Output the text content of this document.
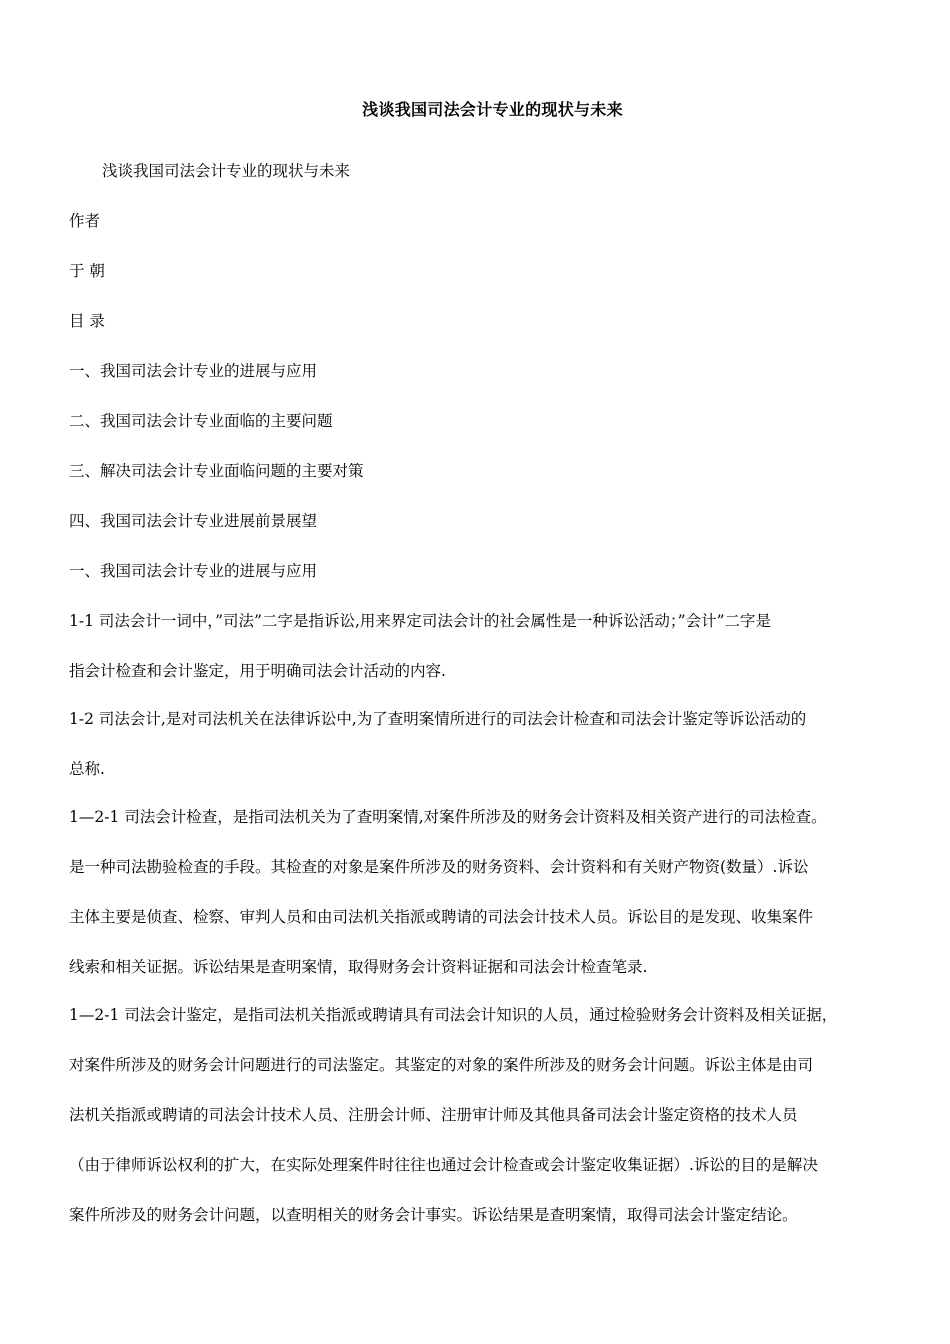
浅谈我国司法会计专业的现状与未来
浅谈我国司法会计专业的现状与未来
作者
于 朝
目 录
一、我国司法会计专业的进展与应用
二、我国司法会计专业面临的主要问题
三、解决司法会计专业面临问题的主要对策
四、我国司法会计专业进展前景展望
一、我国司法会计专业的进展与应用
1-1 司法会计一词中，”司法”二字是指诉讼,用来界定司法会计的社会属性是一种诉讼活动；”会计”二字是
指会计检查和会计鉴定，用于明确司法会计活动的内容.
1-2 司法会计,是对司法机关在法律诉讼中,为了查明案情所进行的司法会计检查和司法会计鉴定等诉讼活动的
总称.
1—2-1 司法会计检查，是指司法机关为了查明案情,对案件所涉及的财务会计资料及相关资产进行的司法检查。
是一种司法勘验检查的手段。其检查的对象是案件所涉及的财务资料、会计资料和有关财产物资(数量）.诉讼
主体主要是侦查、检察、审判人员和由司法机关指派或聘请的司法会计技术人员。诉讼目的是发现、收集案件
线索和相关证据。诉讼结果是查明案情，取得财务会计资料证据和司法会计检查笔录.
1—2-1 司法会计鉴定，是指司法机关指派或聘请具有司法会计知识的人员，通过检验财务会计资料及相关证据，
对案件所涉及的财务会计问题进行的司法鉴定。其鉴定的对象的案件所涉及的财务会计问题。诉讼主体是由司
法机关指派或聘请的司法会计技术人员、注册会计师、注册审计师及其他具备司法会计鉴定资格的技术人员
（由于律师诉讼权利的扩大，在实际处理案件时往往也通过会计检查或会计鉴定收集证据）.诉讼的目的是解决
案件所涉及的财务会计问题，以查明相关的财务会计事实。诉讼结果是查明案情，取得司法会计鉴定结论。
